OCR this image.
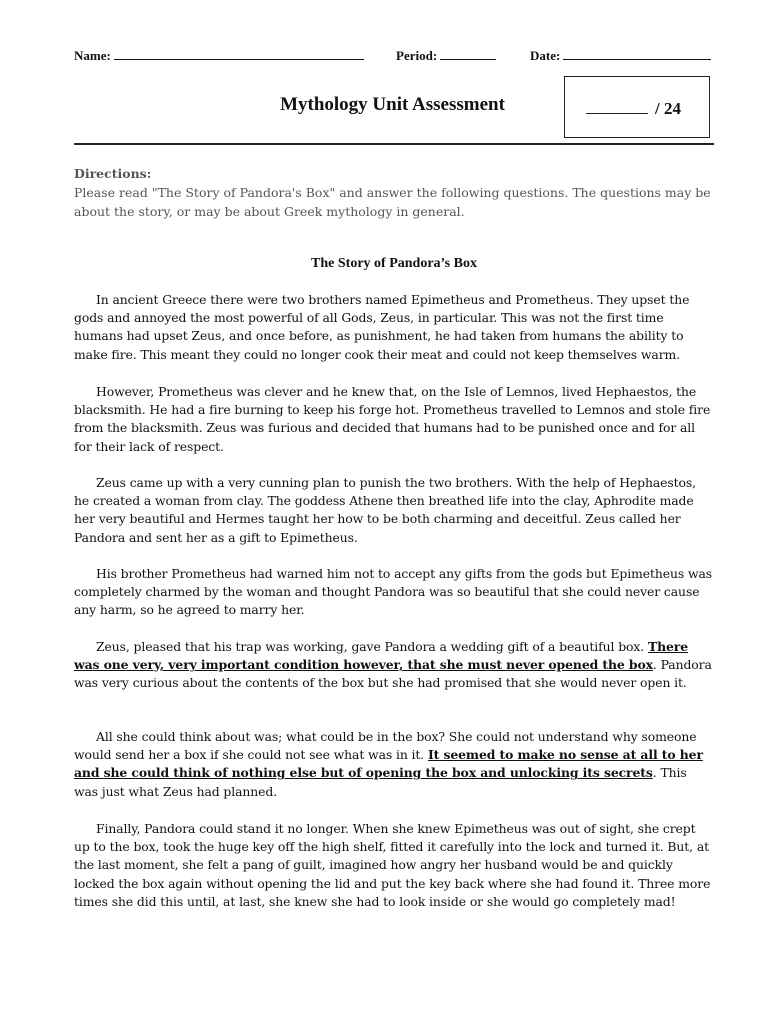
Name:	Period:	Date:
Mythology Unit Assessment	/ 24
Directions:
Please read "The Story of Pandora's Box" and answer the following questions. The questions may be about the story, or may be about Greek mythology in general.
The Story of Pandora’s Box
In ancient Greece there were two brothers named Epimetheus and Prometheus. They upset the gods and annoyed the most powerful of all Gods, Zeus, in particular. This was not the first time humans had upset Zeus, and once before, as punishment, he had taken from humans the ability to make fire. This meant they could no longer cook their meat and could not keep themselves warm.
However, Prometheus was clever and he knew that, on the Isle of Lemnos, lived Hephaestos, the blacksmith. He had a fire burning to keep his forge hot. Prometheus travelled to Lemnos and stole fire from the blacksmith. Zeus was furious and decided that humans had to be punished once and for all for their lack of respect.
Zeus came up with a very cunning plan to punish the two brothers. With the help of Hephaestos, he created a woman from clay. The goddess Athene then breathed life into the clay, Aphrodite made her very beautiful and Hermes taught her how to be both charming and deceitful. Zeus called her Pandora and sent her as a gift to Epimetheus.
His brother Prometheus had warned him not to accept any gifts from the gods but Epimetheus was completely charmed by the woman and thought Pandora was so beautiful that she could never cause any harm, so he agreed to marry her.
Zeus, pleased that his trap was working, gave Pandora a wedding gift of a beautiful box. There was one very, very important condition however, that she must never opened the box. Pandora was very curious about the contents of the box but she had promised that she would never open it.
All she could think about was; what could be in the box? She could not understand why someone would send her a box if she could not see what was in it. It seemed to make no sense at all to her and she could think of nothing else but of opening the box and unlocking its secrets. This was just what Zeus had planned.
Finally, Pandora could stand it no longer. When she knew Epimetheus was out of sight, she crept up to the box, took the huge key off the high shelf, fitted it carefully into the lock and turned it. But, at the last moment, she felt a pang of guilt, imagined how angry her husband would be and quickly locked the box again without opening the lid and put the key back where she had found it. Three more times she did this until, at last, she knew she had to look inside or she would go completely mad!
